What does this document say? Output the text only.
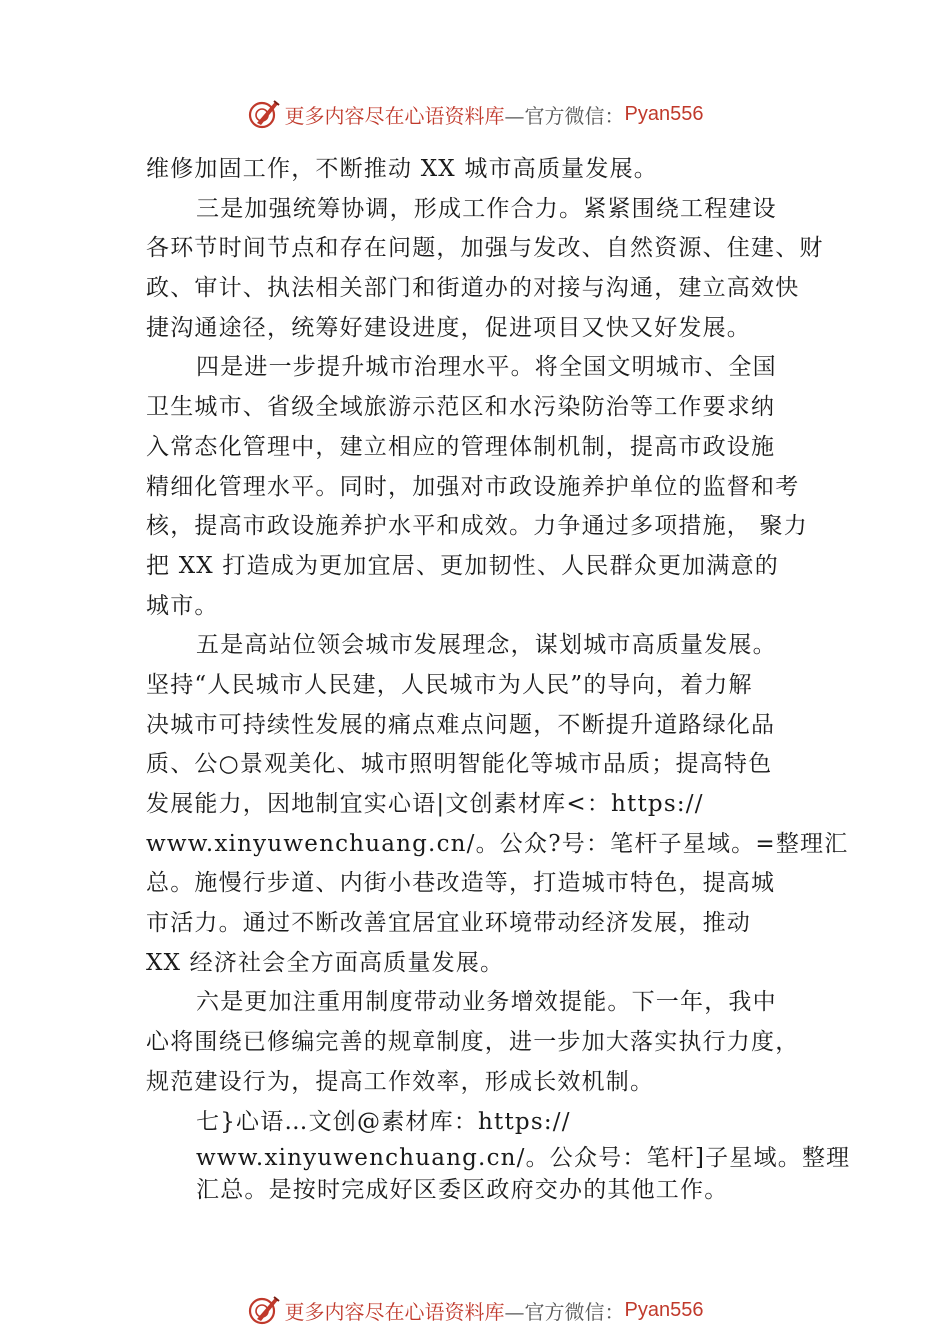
更多内容尽在心语资料库 —官方微信： Pyan556
维修加固工作，不断推动 XX 城市高质量发展。
三是加强统筹协调，形成工作合力。紧紧围绕工程建设
各环节时间节点和存在问题，加强与发改、自然资源、住建、财
政、审计、执法相关部门和街道办的对接与沟通，建立高效快
捷沟通途径，统筹好建设进度，促进项目又快又好发展。
四是进一步提升城市治理水平。将全国文明城市、全国
卫生城市、省级全域旅游示范区和水污染防治等工作要求纳
入常态化管理中，建立相应的管理体制机制，提高市政设施
精细化管理水平。同时，加强对市政设施养护单位的监督和考
核，提高市政设施养护水平和成效。力争通过多项措施， 聚力
把 XX 打造成为更加宜居、更加韧性、人民群众更加满意的
城市。
五是高站位领会城市发展理念，谋划城市高质量发展。
坚持“人民城市人民建，人民城市为人民”的导向，着力解
决城市可持续性发展的痛点难点问题，不断提升道路绿化品
质、公○景观美化、城市照明智能化等城市品质；提高特色
发展能力，因地制宜实心语|文创素材库<：https://
www.xinyuwenchuang.cn/。公众?号：笔杆子星域。=整理汇
总。施慢行步道、内街小巷改造等，打造城市特色，提高城
市活力。通过不断改善宜居宜业环境带动经济发展，推动
XX 经济社会全方面高质量发展。
六是更加注重用制度带动业务增效提能。下一年，我中
心将围绕已修编完善的规章制度，进一步加大落实执行力度，
规范建设行为，提高工作效率，形成长效机制。
七}心语…文创@素材库：https://
www.xinyuwenchuang.cn/。公众号：笔杆]子星域。整理
汇总。是按时完成好区委区政府交办的其他工作。
更多内容尽在心语资料库 —官方微信： Pyan556
